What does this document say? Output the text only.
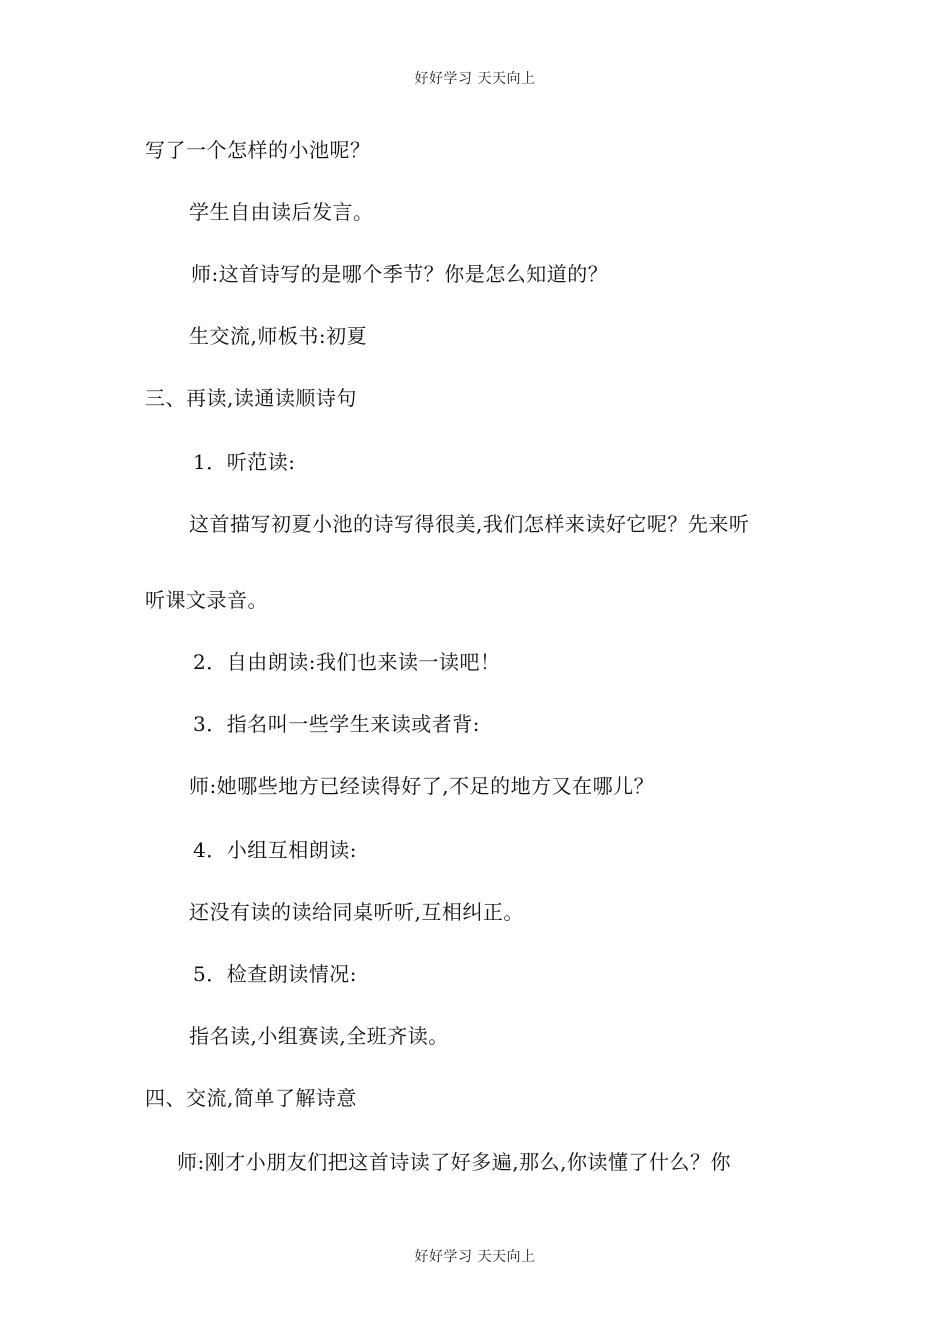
好好学习 天天向上
写了一个怎样的小池呢？
学生自由读后发言。
师:这首诗写的是哪个季节？你是怎么知道的？
生交流,师板书:初夏
三、再读,读通读顺诗句
1．听范读:
这首描写初夏小池的诗写得很美,我们怎样来读好它呢？先来听
听课文录音。
2．自由朗读:我们也来读一读吧！
3．指名叫一些学生来读或者背:
师:她哪些地方已经读得好了,不足的地方又在哪儿？
4．小组互相朗读:
还没有读的读给同桌听听,互相纠正。
5．检查朗读情况:
指名读,小组赛读,全班齐读。
四、交流,简单了解诗意
师:刚才小朋友们把这首诗读了好多遍,那么,你读懂了什么？你
好好学习 天天向上
